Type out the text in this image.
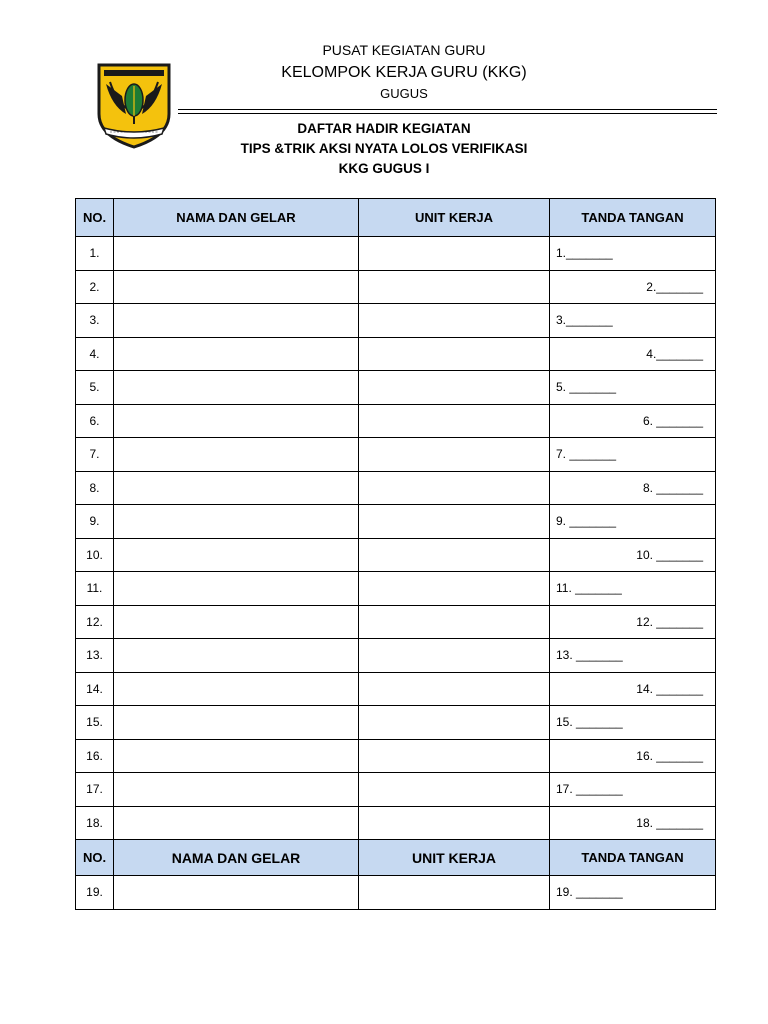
PUSAT KEGIATAN GURU
KELOMPOK KERJA GURU (KKG)
GUGUS
DAFTAR HADIR KEGIATAN
TIPS &TRIK AKSI NYATA LOLOS VERIFIKASI
KKG GUGUS I
NO.	NAMA DAN GELAR	UNIT KERJA	TANDA TANGAN
1.			1._______
2.			2._______
3.			3._______
4.			4._______
5.			5. _______
6.			6. _______
7.			7. _______
8.			8. _______
9.			9. _______
10.			10. _______
11.			11. _______
12.			12. _______
13.			13. _______
14.			14. _______
15.			15. _______
16.			16. _______
17.			17. _______
18.			18. _______
NO.	NAMA DAN GELAR	UNIT KERJA	TANDA TANGAN
19.			19. _______
